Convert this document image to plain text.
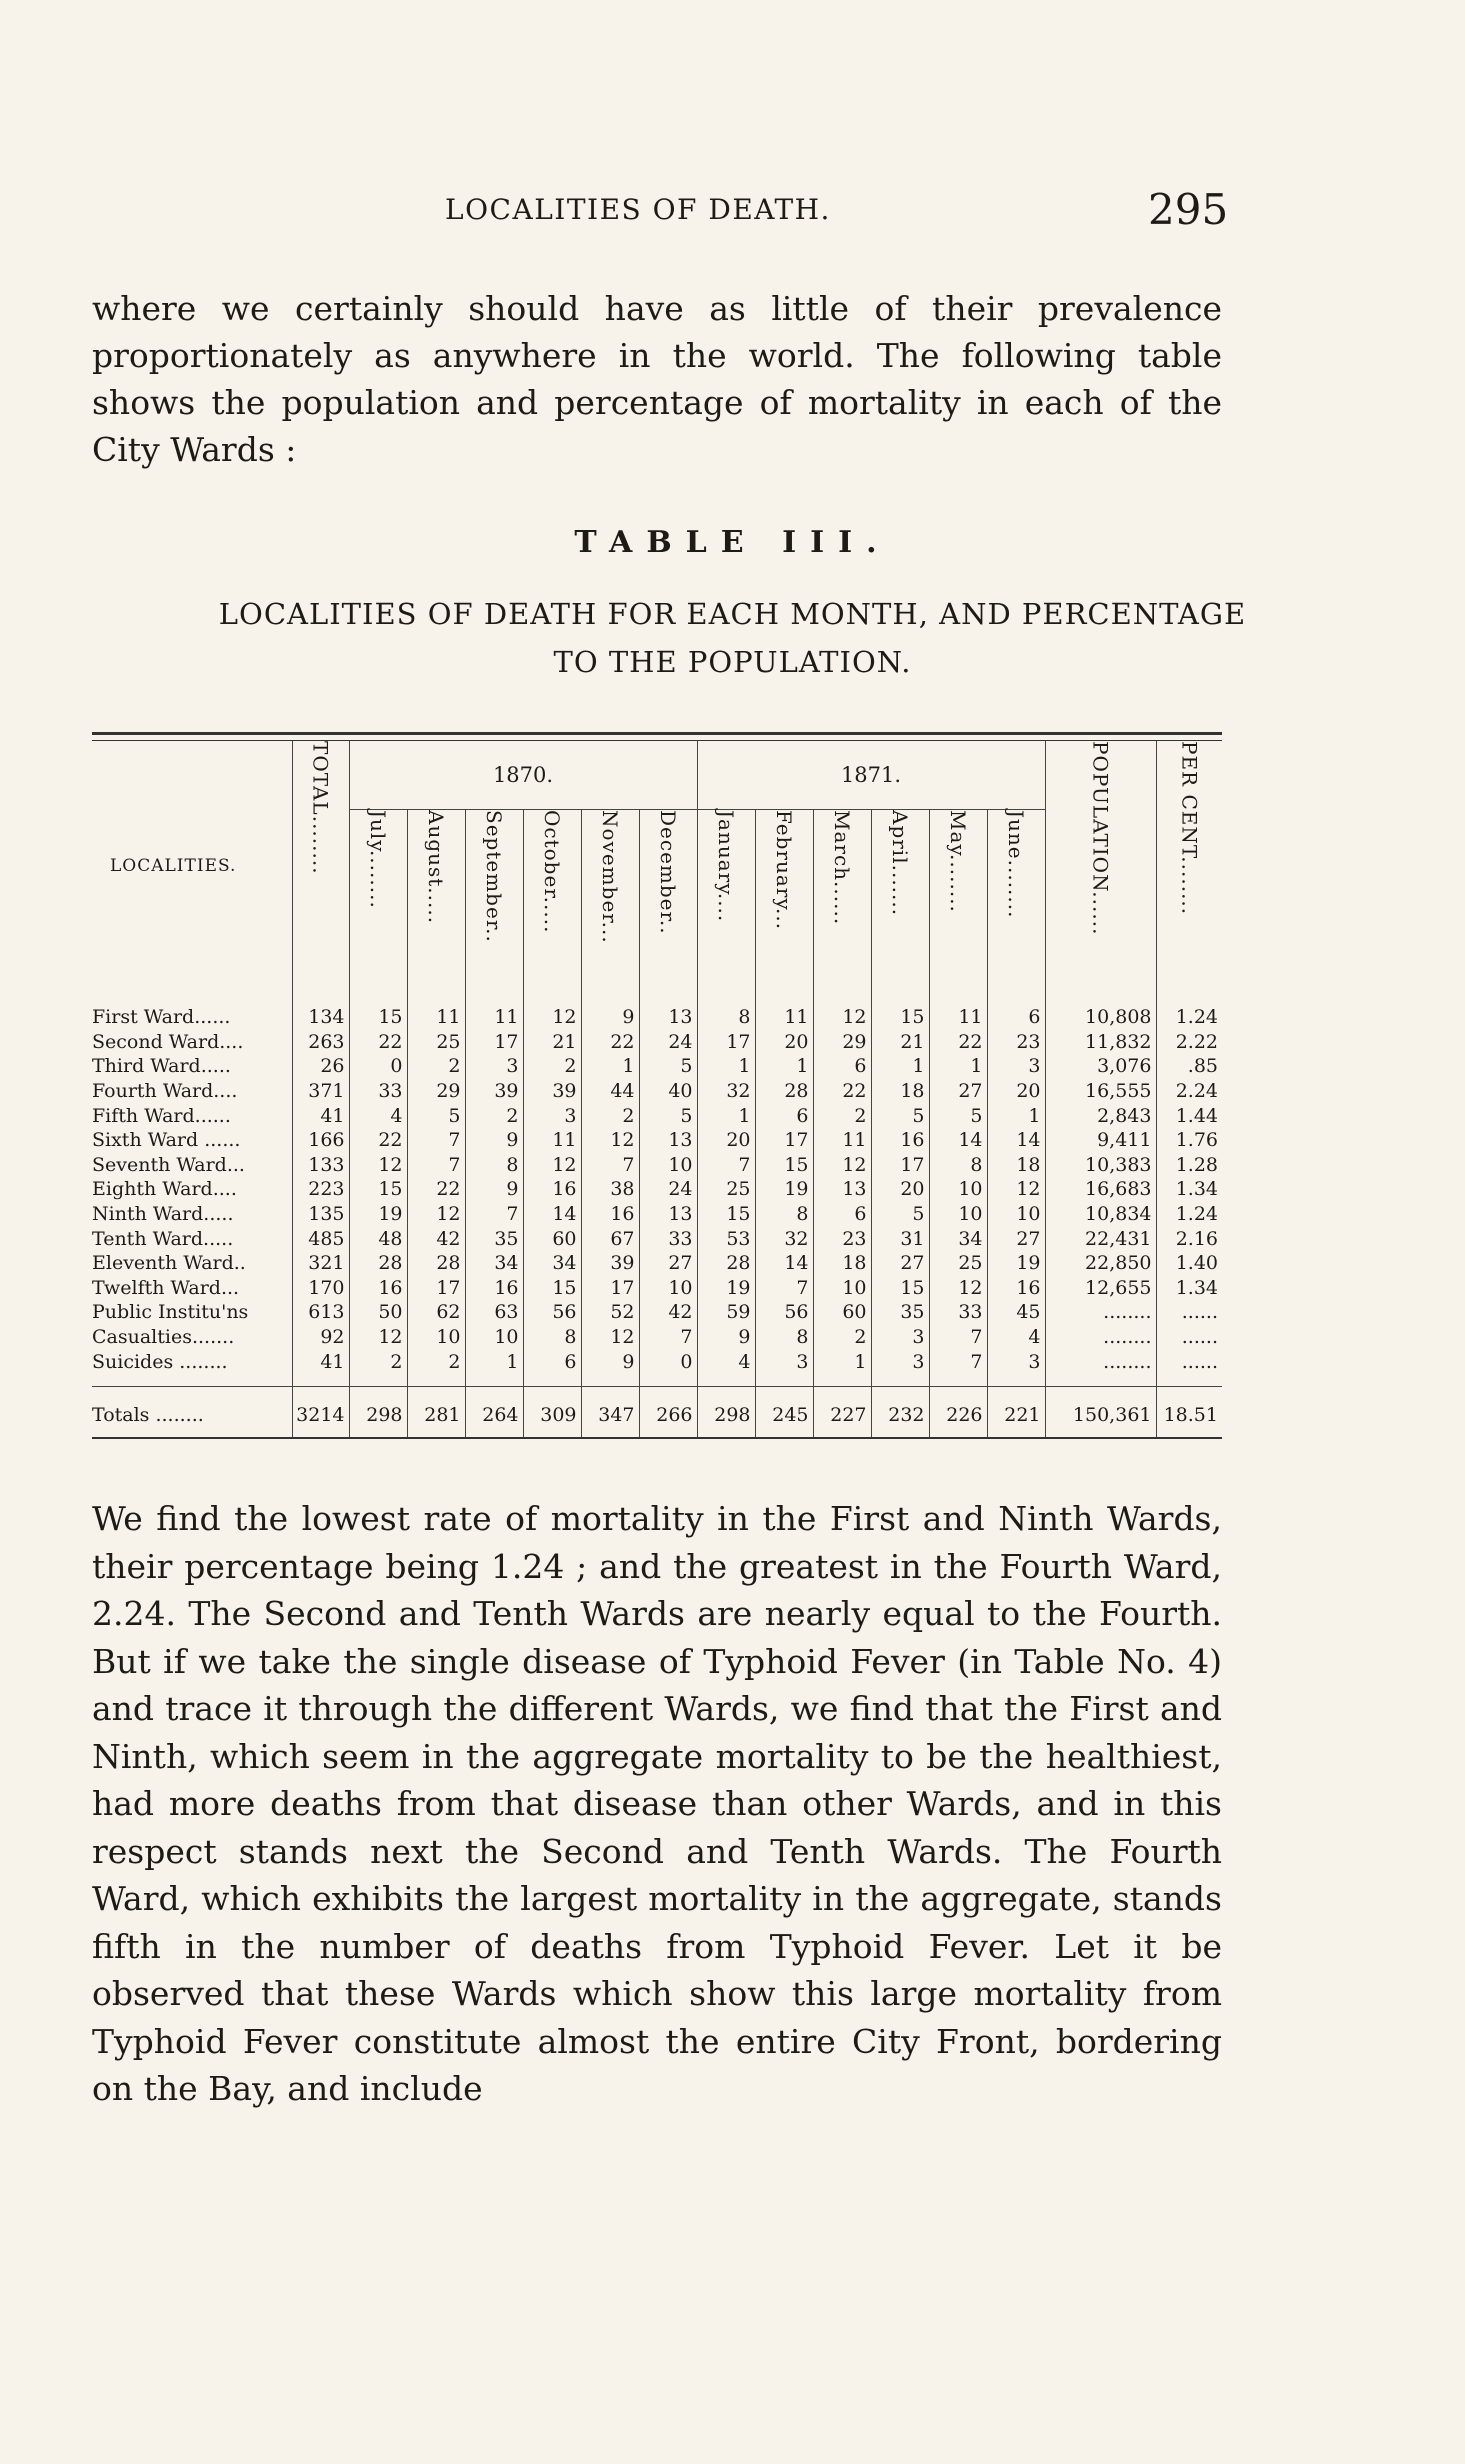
LOCALITIES OF DEATH.	295

where we certainly should have as little of their prevalence proportionately as anywhere in the world. The following table shows the population and percentage of mortality in each of the City Wards :

TABLE III.
LOCALITIES OF DEATH FOR EACH MONTH, AND PERCENTAGE
TO THE POPULATION.
LOCALITIES.	TOTAL........	1870.						1871.						POPULATION......	PER CENT........

		July........	August.....	September..	October.....	November...	December..	January....	February...	March......	April.......	May........	June........		

First Ward......	134	15	11	11	12	9	13	8	11	12	15	11	6	10,808	1.24
Second Ward....	263	22	25	17	21	22	24	17	20	29	21	22	23	11,832	2.22
Third Ward.....	26	0	2	3	2	1	5	1	1	6	1	1	3	3,076	.85
Fourth Ward....	371	33	29	39	39	44	40	32	28	22	18	27	20	16,555	2.24
Fifth Ward......	41	4	5	2	3	2	5	1	6	2	5	5	1	2,843	1.44
Sixth Ward ......	166	22	7	9	11	12	13	20	17	11	16	14	14	9,411	1.76
Seventh Ward...	133	12	7	8	12	7	10	7	15	12	17	8	18	10,383	1.28
Eighth Ward....	223	15	22	9	16	38	24	25	19	13	20	10	12	16,683	1.34
Ninth Ward.....	135	19	12	7	14	16	13	15	8	6	5	10	10	10,834	1.24
Tenth Ward.....	485	48	42	35	60	67	33	53	32	23	31	34	27	22,431	2.16
Eleventh Ward..	321	28	28	34	34	39	27	28	14	18	27	25	19	22,850	1.40
Twelfth Ward...	170	16	17	16	15	17	10	19	7	10	15	12	16	12,655	1.34
Public Institu'ns	613	50	62	63	56	52	42	59	56	60	35	33	45	........	......
Casualties.......	92	12	10	10	8	12	7	9	8	2	3	7	4	........	......
Suicides ........	41	2	2	1	6	9	0	4	3	1	3	7	3	........	......

Totals ........	3214	298	281	264	309	347	266	298	245	227	232	226	221	150,361	18.51

We find the lowest rate of mortality in the First and Ninth Wards, their percentage being 1.24 ; and the greatest in the Fourth Ward, 2.24. The Second and Tenth Wards are nearly equal to the Fourth. But if we take the single disease of Typhoid Fever (in Table No. 4) and trace it through the different Wards, we find that the First and Ninth, which seem in the aggregate mortality to be the healthiest, had more deaths from that disease than other Wards, and in this respect stands next the Second and Tenth Wards. The Fourth Ward, which exhibits the largest mortality in the aggregate, stands fifth in the number of deaths from Typhoid Fever. Let it be observed that these Wards which show this large mortality from Typhoid Fever constitute almost the entire City Front, bordering on the Bay, and include
